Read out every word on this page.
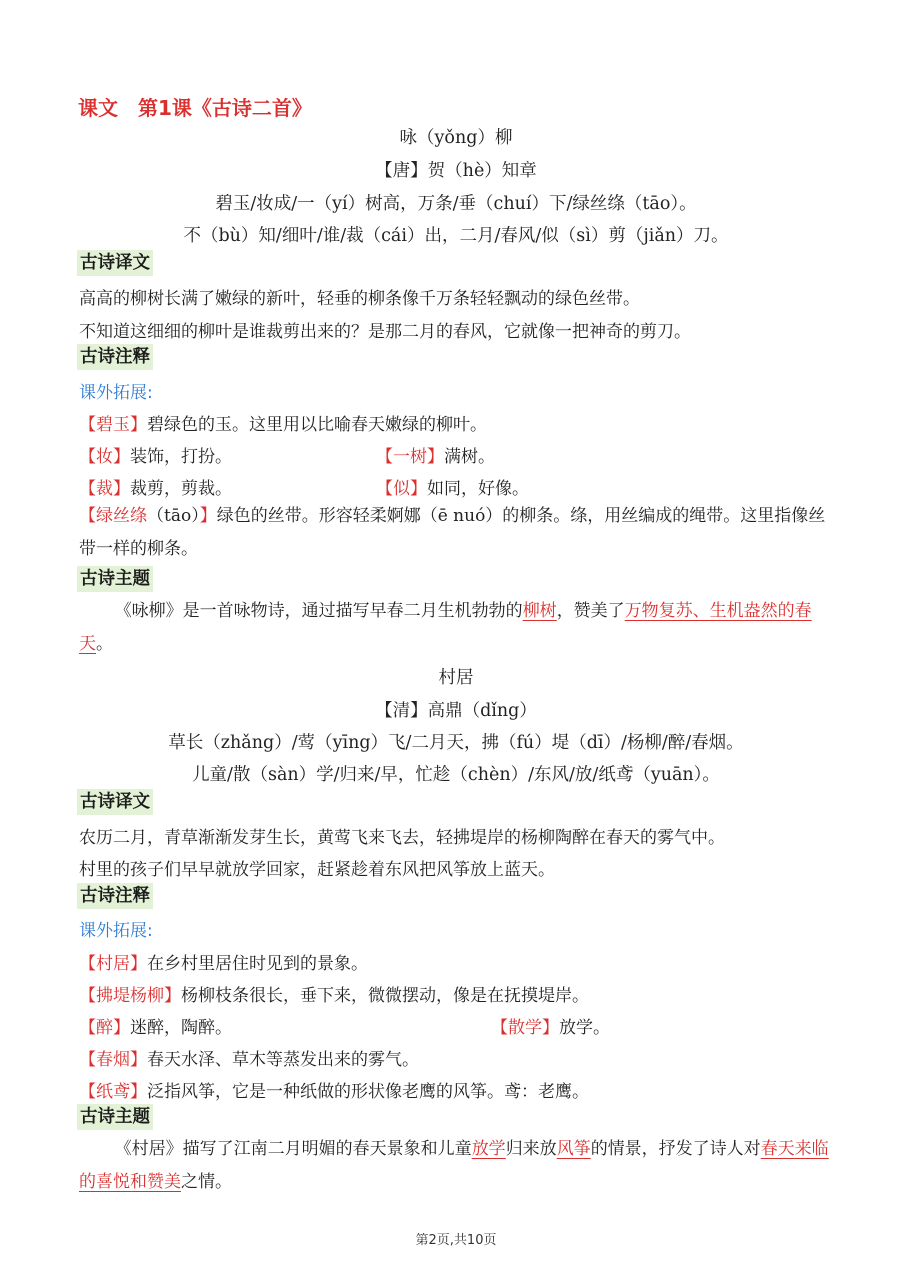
课文　第1课《古诗二首》
咏（yǒng）柳
【唐】贺（hè）知章
碧玉/妆成/一（yí）树高，万条/垂（chuí）下/绿丝绦（tāo）。
不（bù）知/细叶/谁/裁（cái）出，二月/春风/似（sì）剪（jiǎn）刀。
古诗译文
高高的柳树长满了嫩绿的新叶，轻垂的柳条像千万条轻轻飘动的绿色丝带。
不知道这细细的柳叶是谁裁剪出来的？是那二月的春风，它就像一把神奇的剪刀。
古诗注释
课外拓展:
【碧玉】碧绿色的玉。这里用以比喻春天嫩绿的柳叶。
【妆】装饰，打扮。	【一树】满树。
【裁】裁剪，剪裁。	【似】如同，好像。
【绿丝绦（tāo）】绿色的丝带。形容轻柔婀娜（ē nuó）的柳条。绦，用丝编成的绳带。这里指像丝带一样的柳条。
古诗主题
《咏柳》是一首咏物诗，通过描写早春二月生机勃勃的柳树，赞美了万物复苏、生机盎然的春天。
村居
【清】高鼎（dǐng）
草长（zhǎng）/莺（yīng）飞/二月天，拂（fú）堤（dī）/杨柳/醉/春烟。
儿童/散（sàn）学/归来/早，忙趁（chèn）/东风/放/纸鸢（yuān）。
古诗译文
农历二月，青草渐渐发芽生长，黄莺飞来飞去，轻拂堤岸的杨柳陶醉在春天的雾气中。
村里的孩子们早早就放学回家，赶紧趁着东风把风筝放上蓝天。
古诗注释
课外拓展:
【村居】在乡村里居住时见到的景象。
【拂堤杨柳】杨柳枝条很长，垂下来，微微摆动，像是在抚摸堤岸。
【醉】迷醉，陶醉。	【散学】放学。
【春烟】春天水泽、草木等蒸发出来的雾气。
【纸鸢】泛指风筝，它是一种纸做的形状像老鹰的风筝。鸢：老鹰。
古诗主题
《村居》描写了江南二月明媚的春天景象和儿童放学归来放风筝的情景，抒发了诗人对春天来临的喜悦和赞美之情。
第2页,共10页
